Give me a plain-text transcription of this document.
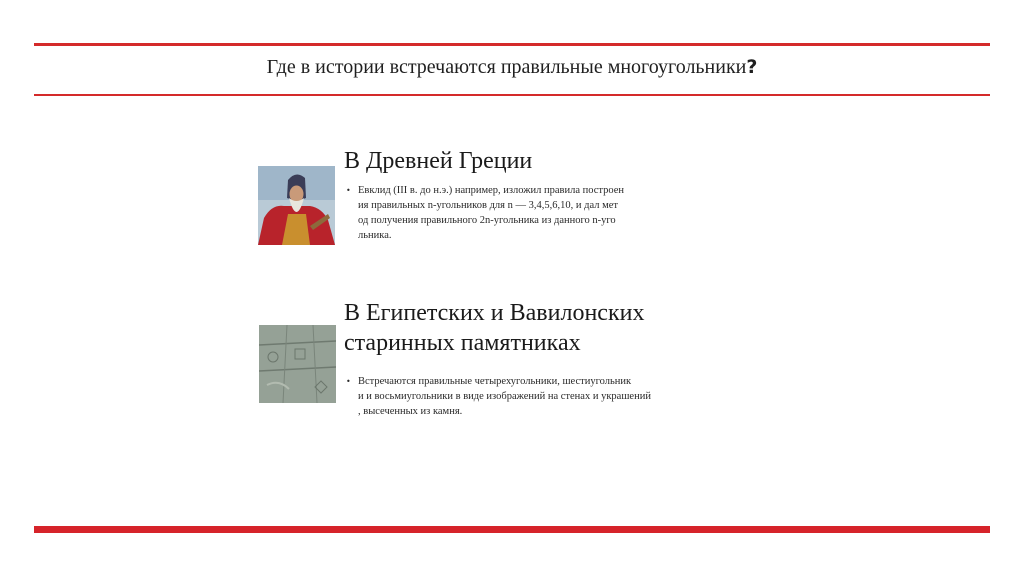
Где в истории встречаются правильные многоугольники?
В Древней Греции
• Евклид (III в. до н.э.) например, изложил правила построен
ия правильных n-угольников для n — 3,4,5,6,10, и дал мет
од получения правильного 2n-угольника из данного n-уго
льника.
В Египетских и Вавилонских
старинных памятниках
• Встречаются правильные четырехугольники, шестиугольник
и и восьмиугольники в виде изображений на стенах и украшений
, высеченных из камня.
